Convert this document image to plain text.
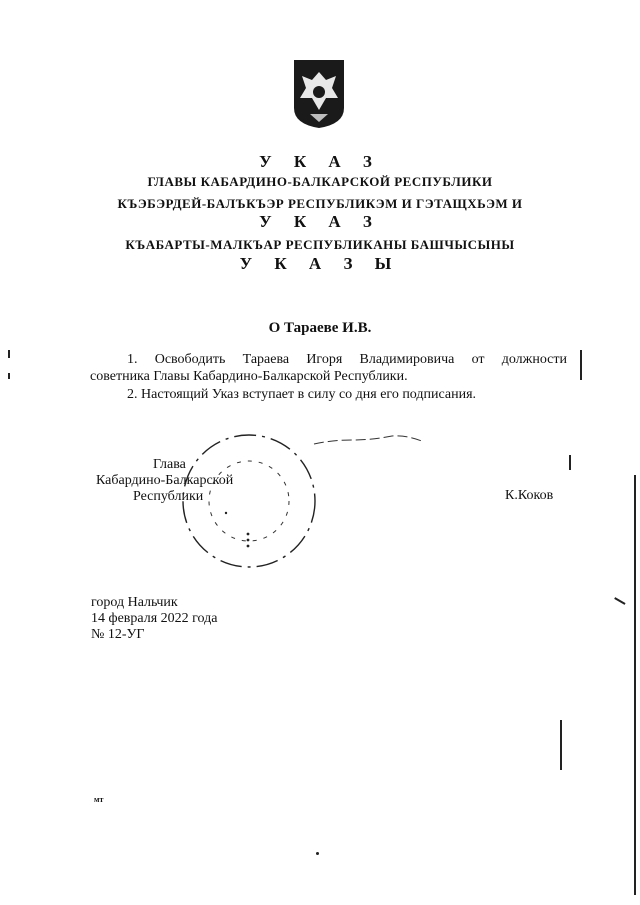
У К А З
ГЛАВЫ КАБАРДИНО-БАЛКАРСКОЙ РЕСПУБЛИКИ
КЪЭБЭРДЕЙ-БАЛЪКЪЭР РЕСПУБЛИКЭМ И ГЭТАЩХЬЭМ И
У К А З
КЪАБАРТЫ-МАЛКЪАР РЕСПУБЛИКАНЫ БАШЧЫСЫНЫ
У К А З Ы
О Тараеве И.В.
1. Освободить Тараева Игоря Владимировича от должности
советника Главы Кабардино-Балкарской Республики.
2. Настоящий Указ вступает в силу со дня его подписания.
Глава
Кабардино-Балкарской
Республики	К.Коков
город Нальчик
14 февраля 2022 года
№ 12-УГ
мт
